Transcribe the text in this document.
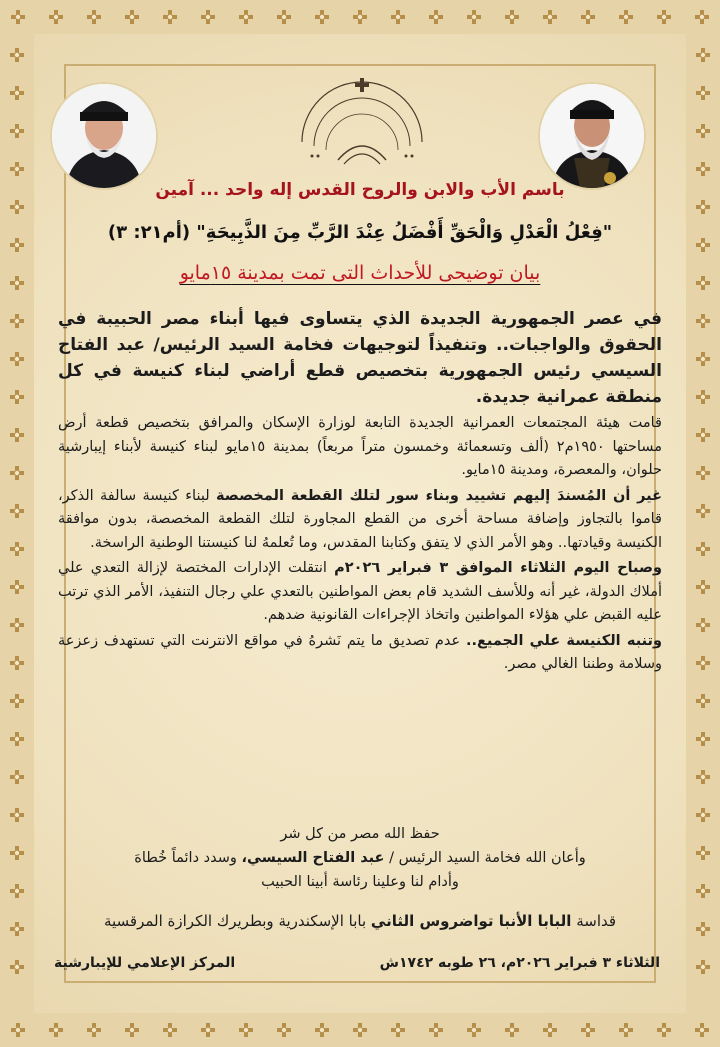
باسم الأب والابن والروح القدس إله واحد ... آمين
"فِعْلُ الْعَدْلِ وَالْحَقِّ أَفْضَلُ عِنْدَ الرَّبِّ مِنَ الذَّبِيحَةِ" (أم٢١: ٣)
بيان توضيحى للأحداث التى تمت بمدينة ١٥مايو

في عصر الجمهورية الجديدة الذي يتساوى فيها أبناء مصر الحبيبة في الحقوق والواجبات.. وتنفيذاً لتوجيهات فخامة السيد الرئيس/ عبد الفتاح السيسي رئيس الجمهورية بتخصيص قطع أراضي لبناء كنيسة في كل منطقة عمرانية جديدة.

قامت هيئة المجتمعات العمرانية الجديدة التابعة لوزارة الإسكان والمرافق بتخصيص قطعة أرض مساحتها ١٩٥٠م٢ (ألف وتسعمائة وخمسون متراً مربعاً) بمدينة ١٥مايو لبناء كنيسة لأبناء إيبارشية حلوان، والمعصرة، ومدينة ١٥مايو.

غير أن المُسندَ إليهم تشييد وبناء سور لتلك القطعة المخصصة لبناء كنيسة سالفة الذكر، قاموا بالتجاوز وإضافة مساحة أخرى من القطع المجاورة لتلك القطعة المخصصة، بدون موافقة الكنيسة وقيادتها.. وهو الأمر الذي لا يتفق وكتابنا المقدس، وما تُعلمهُ لنا كنيستنا الوطنية الراسخة.

وصباح اليوم الثلاثاء الموافق ٣ فبراير ٢٠٢٦م انتقلت الإدارات المختصة لإزالة التعدي علي أملاك الدولة، غير أنه وللأسف الشديد قام بعض المواطنين بالتعدي علي رجال التنفيذ، الأمر الذي ترتب عليه القبض علي هؤلاء المواطنين واتخاذ الإجراءات القانونية ضدهم.

وتنبه الكنيسة علي الجميع.. عدم تصديق ما يتم نَشرهُ في مواقع الانترنت التي تستهدف زعزعة وسلامة وطننا الغالي مصر.

حفظ الله مصر من كل شر
وأعان الله فخامة السيد الرئيس / عبد الفتاح السيسي، وسدد دائماً خُطاهَ
وأدام لنا وعلينا رئاسة أبينا الحبيب
قداسة البابا الأنبا تواضروس الثاني بابا الإسكندرية وبطريرك الكرازة المرقسية
الثلاثاء ٣ فبراير ٢٠٢٦م، ٢٦ طوبه ١٧٤٢ش
المركز الإعلامي للإيبارشية
